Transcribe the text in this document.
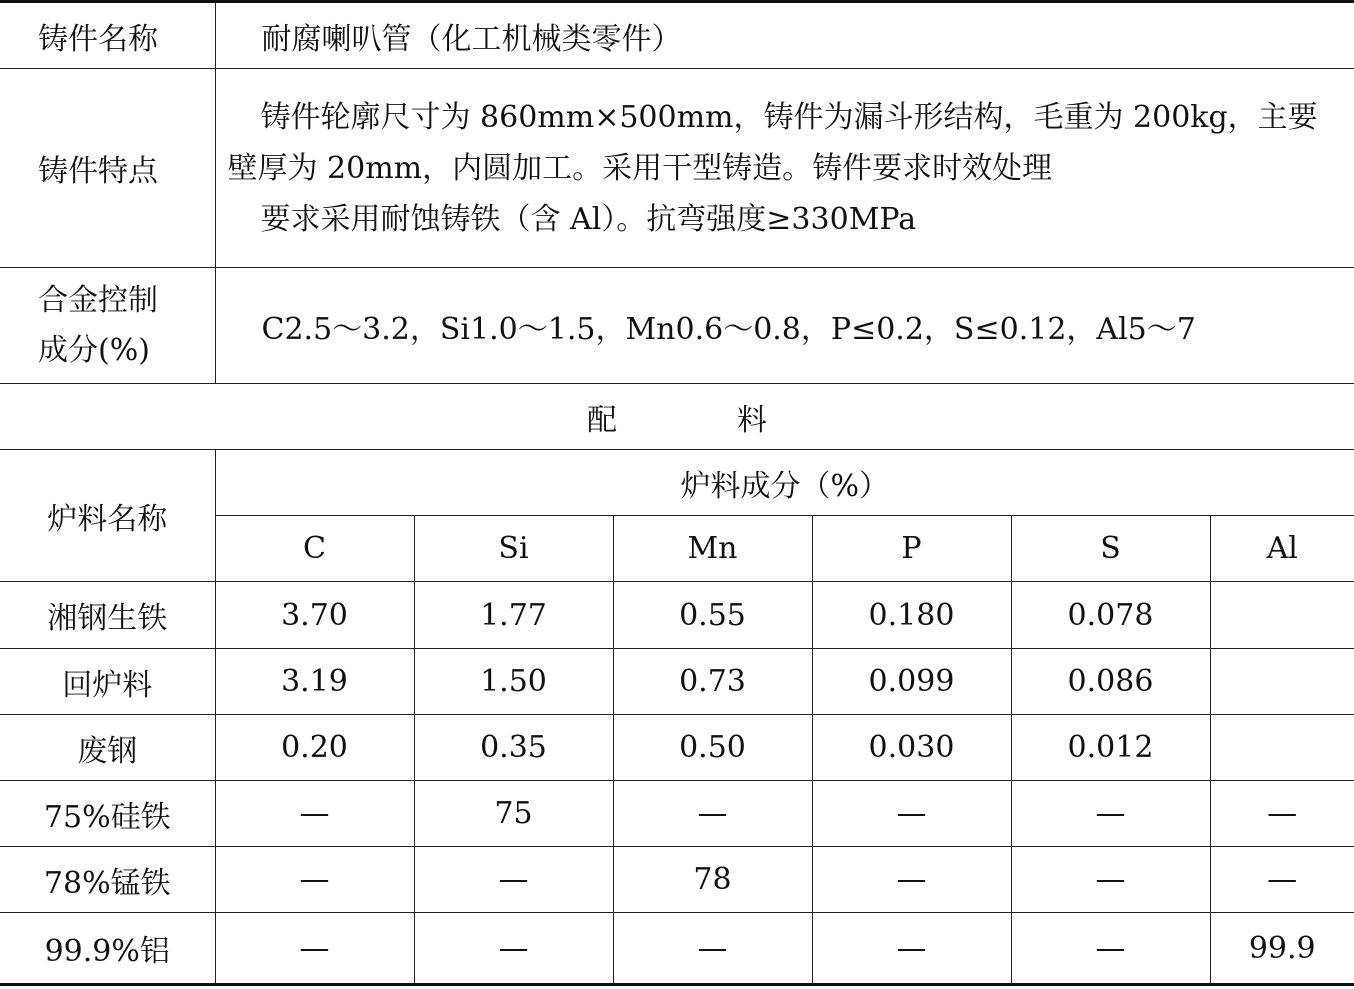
铸件名称	耐腐喇叭管（化工机械类零件）					
铸件特点	铸件轮廓尺寸为 860mm×500mm，铸件为漏斗形结构，毛重为 200kg，主要
壁厚为 20mm，内圆加工。采用干型铸造。铸件要求时效处理
要求采用耐蚀铸铁（含 Al）。抗弯强度≥330MPa					

合金控制
成分(%)	C2.5～3.2，Si1.0～1.5，Mn0.6～0.8，P≤0.2，S≤0.12，Al5～7					
配 料						
炉料名称	炉料成分（%）					
	C	Si	Mn	P	S	Al
湘钢生铁	3.70	1.77	0.55	0.180	0.078	
回炉料	3.19	1.50	0.73	0.099	0.086	
废钢	0.20	0.35	0.50	0.030	0.012	
75%硅铁	—	75	—	—	—	—
78%锰铁	—	—	78	—	—	—
99.9%铝	—	—	—	—	—	99.9
